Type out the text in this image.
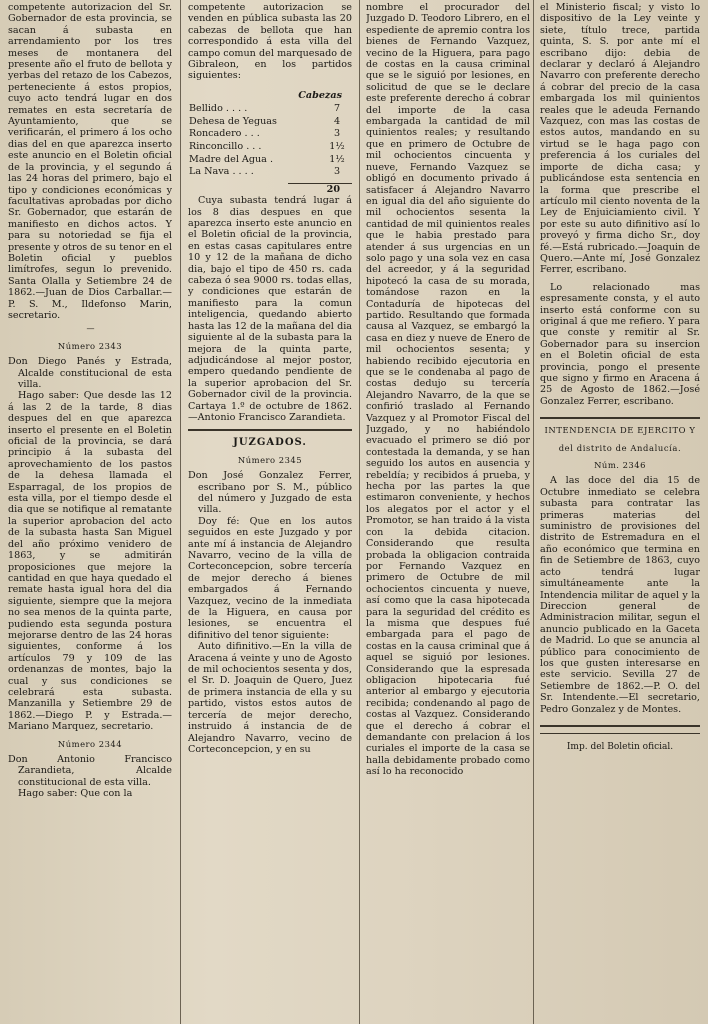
competente autorizacion del Sr. Gobernador de esta provincia, se sacan á subasta en arrendamiento por los tres meses de montanera del presente año el fruto de bellota y yerbas del retazo de los Cabezos, perteneciente á estos propios, cuyo acto tendrá lugar en dos remates en esta secretaría de Ayuntamiento, que se verificarán, el primero á los ocho dias del en que aparezca inserto este anuncio en el Boletin oficial de la provincia, y el segundo á las 24 horas del primero, bajo el tipo y condiciones económicas y facultativas aprobadas por dicho Sr. Gobernador, que estarán de manifiesto en dichos actos. Y para su notoriedad se fija el presente y otros de su tenor en el Boletin oficial y pueblos limítrofes, segun lo prevenido. Santa Olalla y Setiembre 24 de 1862.—Juan de Dios Carballar.—P. S. M., Ildefonso Marin, secretario.

—
Número 2343

Don Diego Panés y Estrada, Alcalde constitucional de esta villa.

Hago saber: Que desde las 12 á las 2 de la tarde, 8 dias despues del en que aparezca inserto el presente en el Boletin oficial de la provincia, se dará principio á la subasta del aprovechamiento de los pastos de la dehesa llamada el Esparragal, de los propios de esta villa, por el tiempo desde el dia que se notifique al rematante la superior aprobacion del acto de la subasta hasta San Miguel del año próximo venidero de 1863, y se admitirán proposiciones que mejore la cantidad en que haya quedado el remate hasta igual hora del dia siguiente, siempre que la mejora no sea menos de la quinta parte, pudiendo esta segunda postura mejorarse dentro de las 24 horas siguientes, conforme á los artículos 79 y 109 de las ordenanzas de montes, bajo la cual y sus condiciones se celebrará esta subasta. Manzanilla y Setiembre 29 de 1862.—Diego P. y Estrada.—Mariano Marquez, secretario.

Número 2344

Don Antonio Francisco Zarandieta, Alcalde constitucional de esta villa.

Hago saber: Que con la

competente autorizacion se venden en pública subasta las 20 cabezas de bellota que han correspondido á esta villa del campo comun del marquesado de Gibraleon, en los partidos siguientes:

Cabezas
Bellido . . . .	7
Dehesa de Yeguas	4
Roncadero . . .	3
Rinconcillo . . .	1½
Madre del Agua .	1½
La Nava . . . .	3
20

Cuya subasta tendrá lugar á los 8 dias despues en que aparezca inserto este anuncio en el Boletin oficial de la provincia, en estas casas capitulares entre 10 y 12 de la mañana de dicho dia, bajo el tipo de 450 rs. cada cabeza ó sea 9000 rs. todas ellas, y condiciones que estarán de manifiesto para la comun inteligencia, quedando abierto hasta las 12 de la mañana del dia siguiente al de la subasta para la mejora de la quinta parte, adjudicándose al mejor postor, empero quedando pendiente de la superior aprobacion del Sr. Gobernador civil de la provincia. Cartaya 1.º de octubre de 1862.—Antonio Francisco Zarandieta.

JUZGADOS.
Número 2345

Don José Gonzalez Ferrer, escribano por S. M., público del número y Juzgado de esta villa.

Doy fé: Que en los autos seguidos en este Juzgado y por ante mí á instancia de Alejandro Navarro, vecino de la villa de Corteconcepcion, sobre tercería de mejor derecho á bienes embargados á Fernando Vazquez, vecino de la inmediata de la Higuera, en causa por lesiones, se encuentra el difinitivo del tenor siguiente:

Auto difinitivo.—En la villa de Aracena á veinte y uno de Agosto de mil ochocientos sesenta y dos, el Sr. D. Joaquin de Quero, Juez de primera instancia de ella y su partido, vistos estos autos de tercería de mejor derecho, instruido á instancia de de Alejandro Navarro, vecino de Corteconcepcion, y en su

nombre el procurador del Juzgado D. Teodoro Librero, en el espediente de apremio contra los bienes de Fernando Vazquez, vecino de la Higuera, para pago de costas en la causa criminal que se le siguió por lesiones, en solicitud de que se le declare este preferente derecho á cobrar del importe de la casa embargada la cantidad de mil quinientos reales; y resultando que en primero de Octubre de mil ochocientos cincuenta y nueve, Fernando Vazquez se obligó en documento privado á satisfacer á Alejandro Navarro en igual dia del año siguiente do mil ochocientos sesenta la cantidad de mil quinientos reales que le habia prestado para atender á sus urgencias en un solo pago y una sola vez en casa del acreedor, y á la seguridad hipotecó la casa de su morada, tomándose razon en la Contaduría de hipotecas del partido. Resultando que formada causa al Vazquez, se embargó la casa en diez y nueve de Enero de mil ochocientos sesenta; y habiendo recibido ejecutoria en que se le condenaba al pago de costas dedujo su tercería Alejandro Navarro, de la que se confirió traslado al Fernando Vazquez y al Promotor Fiscal del Juzgado, y no habiéndolo evacuado el primero se dió por contestada la demanda, y se han seguido los autos en ausencia y rebeldía; y recibidos á prueba, y hecha por las partes la que estimaron conveniente, y hechos los alegatos por el actor y el Promotor, se han traido á la vista con la debida citacion. Considerando que resulta probada la obligacion contraida por Fernando Vazquez en primero de Octubre de mil ochocientos cincuenta y nueve, así como que la casa hipotecada para la seguridad del crédito es la misma que despues fué embargada para el pago de costas en la causa criminal que á aquel se siguió por lesiones. Considerando que la espresada obligacion hipotecaria fué anterior al embargo y ejecutoria recibida; condenando al pago de costas al Vazquez. Considerando que el derecho á cobrar el demandante con prelacion á los curiales el importe de la casa se halla debidamente probado como así lo ha reconocido

el Ministerio fiscal; y visto lo dispositivo de la Ley veinte y siete, título trece, partida quinta, S. S. por ante mí el escribano dijo: debia de declarar y declaró á Alejandro Navarro con preferente derecho á cobrar del precio de la casa embargada los mil quinientos reales que le adeuda Fernando Vazquez, con mas las costas de estos autos, mandando en su virtud se le haga pago con preferencia á los curiales del importe de dicha casa; y publicándose esta sentencia en la forma que prescribe el artículo mil ciento noventa de la Ley de Enjuiciamiento civil. Y por este su auto difinitivo así lo proveyó y firma dicho Sr., doy fé.—Está rubricado.—Joaquin de Quero.—Ante mí, José Gonzalez Ferrer, escribano.

Lo relacionado mas espresamente consta, y el auto inserto está conforme con su original á que me refiero. Y para que conste y remitir al Sr. Gobernador para su insercion en el Boletin oficial de esta provincia, pongo el presente que signo y firmo en Aracena á 25 de Agosto de 1862.—José Gonzalez Ferrer, escribano.

INTENDENCIA DE EJERCITO Y
del distrito de Andalucía.
Núm. 2346

A las doce del dia 15 de Octubre inmediato se celebra subasta para contratar las primeras materias del suministro de provisiones del distrito de Estremadura en el año económico que termina en fin de Setiembre de 1863, cuyo acto tendrá lugar simultáneamente ante la Intendencia militar de aquel y la Direccion general de Administracion militar, segun el anuncio publicado en la Gaceta de Madrid. Lo que se anuncia al público para conocimiento de los que gusten interesarse en este servicio. Sevilla 27 de Setiembre de 1862.—P. O. del Sr. Intendente.—El secretario, Pedro Gonzalez y de Montes.

Imp. del Boletin oficial.
